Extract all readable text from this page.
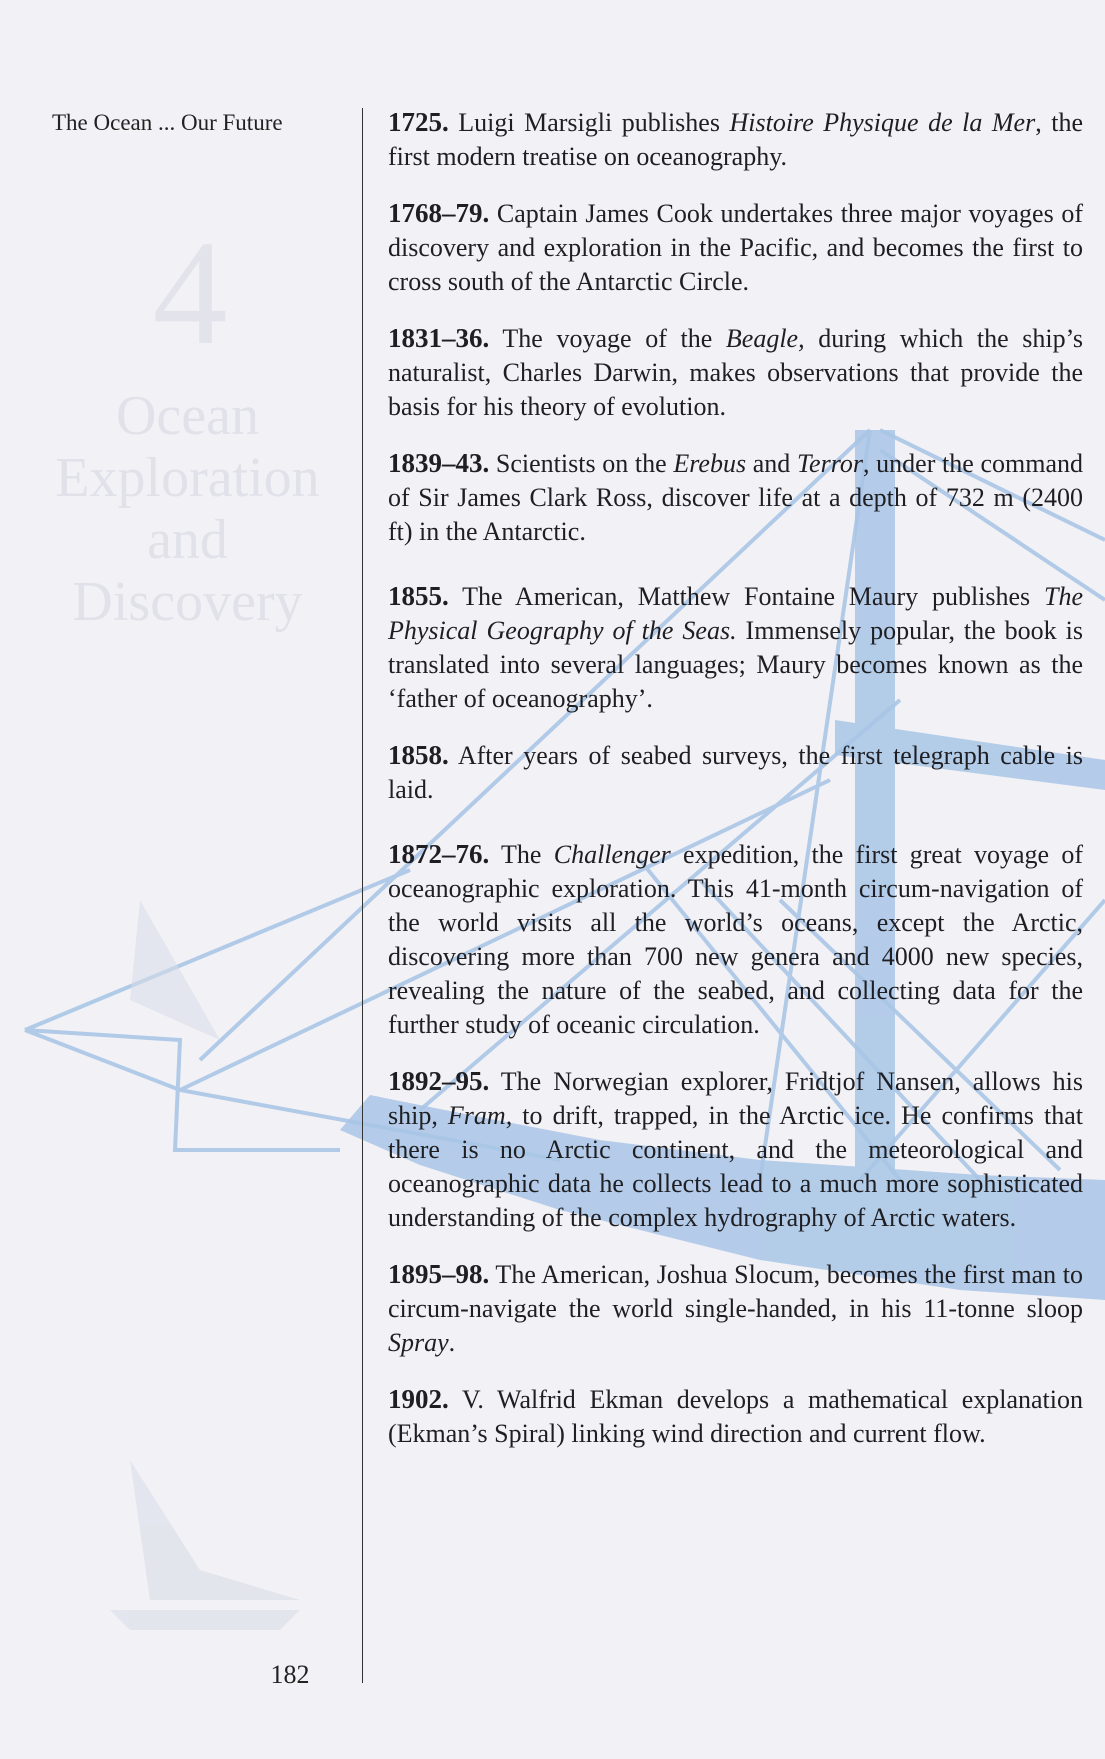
The Ocean ... Our Future
4
Ocean
Exploration
and
Discovery

1725. Luigi Marsigli publishes Histoire Physique de la Mer, the first modern treatise on oceanography.

1768–79. Captain James Cook undertakes three major voyages of discovery and exploration in the Pacific, and becomes the first to cross south of the Antarctic Circle.

1831–36. The voyage of the Beagle, during which the ship’s naturalist, Charles Darwin, makes observations that provide the basis for his theory of evolution.

1839–43. Scientists on the Erebus and Terror, under the command of Sir James Clark Ross, discover life at a depth of 732 m (2400 ft) in the Antarctic.

1855. The American, Matthew Fontaine Maury publishes The Physical Geography of the Seas. Immensely popular, the book is translated into several languages; Maury becomes known as the ‘father of oceanography’.

1858. After years of seabed surveys, the first telegraph cable is laid.

1872–76. The Challenger expedition, the first great voyage of oceanographic exploration. This 41-month circum-navigation of the world visits all the world’s oceans, except the Arctic, discovering more than 700 new genera and 4000 new species, revealing the nature of the seabed, and collecting data for the further study of oceanic circulation.

1892–95. The Norwegian explorer, Fridtjof Nansen, allows his ship, Fram, to drift, trapped, in the Arctic ice. He confirms that there is no Arctic continent, and the meteorological and oceanographic data he collects lead to a much more sophisticated understanding of the complex hydrography of Arctic waters.

1895–98. The American, Joshua Slocum, becomes the first man to circum-navigate the world single-handed, in his 11-tonne sloop Spray.

1902. V. Walfrid Ekman develops a mathematical explanation (Ekman’s Spiral) linking wind direction and current flow.

182
